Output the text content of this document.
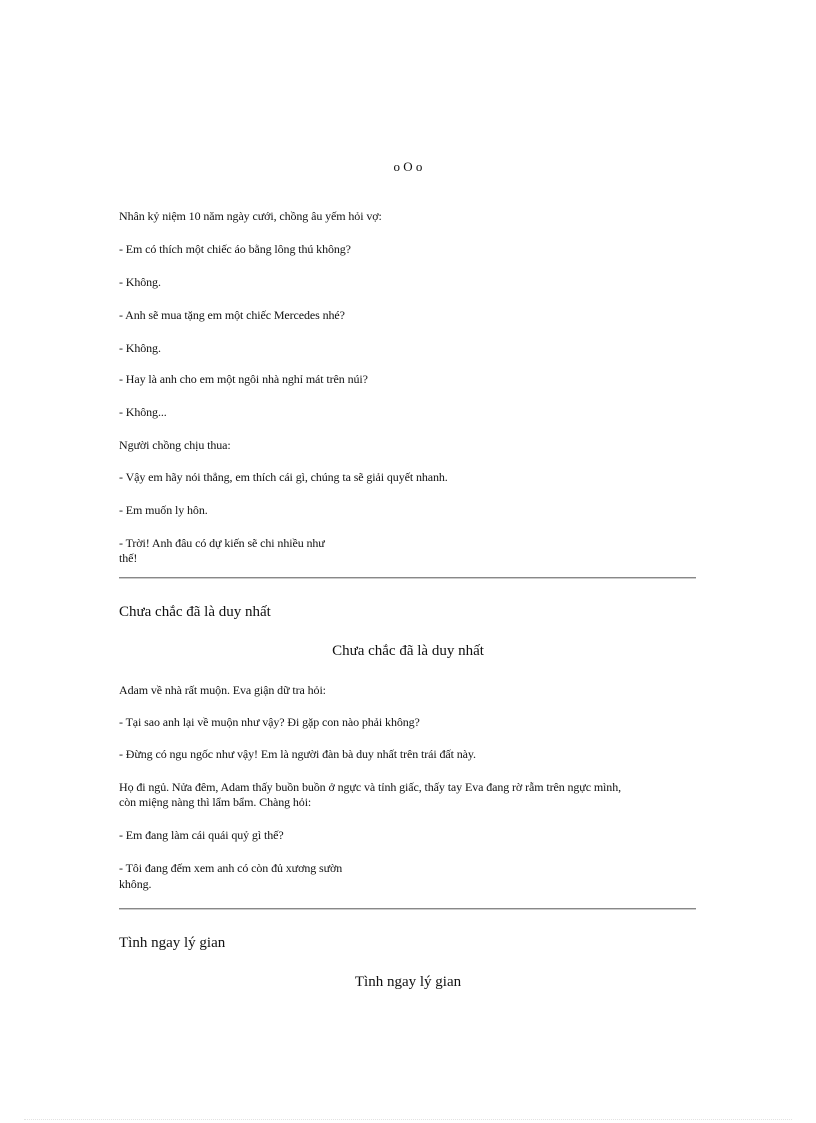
o O o

Nhân kỷ niệm 10 năm ngày cưới, chồng âu yếm hỏi vợ:

- Em có thích một chiếc áo bằng lông thú không?

- Không.

- Anh sẽ mua tặng em một chiếc Mercedes nhé?

- Không.

- Hay là anh cho em một ngôi nhà nghỉ mát trên núi?

- Không...

Người chồng chịu thua:

- Vậy em hãy nói thẳng, em thích cái gì, chúng ta sẽ giải quyết nhanh.

- Em muốn ly hôn.

- Trời! Anh đâu có dự kiến sẽ chi nhiều như

thế!

Chưa chắc đã là duy nhất

Chưa chắc đã là duy nhất

Adam về nhà rất muộn. Eva giận dữ tra hỏi:

- Tại sao anh lại về muộn như vậy? Đi gặp con nào phải không?

- Đừng có ngu ngốc như vậy! Em là người đàn bà duy nhất trên trái đất này.

Họ đi ngủ. Nửa đêm, Adam thấy buồn buồn ở ngực và tỉnh giấc, thấy tay Eva đang rờ rẫm trên ngực mình,

còn miệng nàng thì lẩm bẩm. Chàng hỏi:

- Em đang làm cái quái quỷ gì thế?

- Tôi đang đếm xem anh có còn đủ xương sườn

không.

Tình ngay lý gian

Tình ngay lý gian
